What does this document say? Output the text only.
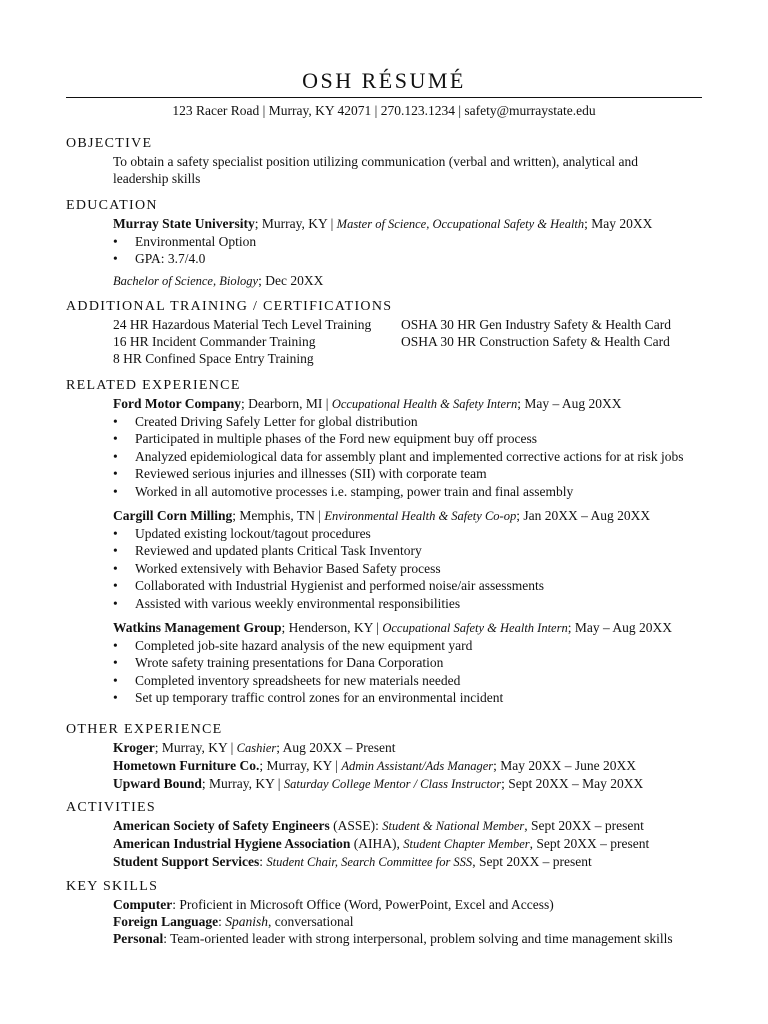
OSH RÉSUMÉ
123 Racer Road | Murray, KY 42071 | 270.123.1234 | safety@murraystate.edu
OBJECTIVE
To obtain a safety specialist position utilizing communication (verbal and written), analytical and
leadership skills
EDUCATION
Murray State University; Murray, KY | Master of Science, Occupational Safety & Health; May 20XX
• Environmental Option
• GPA: 3.7/4.0
Bachelor of Science, Biology; Dec 20XX
ADDITIONAL TRAINING / CERTIFICATIONS
24 HR Hazardous Material Tech Level Training
16 HR Incident Commander Training
8 HR Confined Space Entry Training
OSHA 30 HR Gen Industry Safety & Health Card
OSHA 30 HR Construction Safety & Health Card
RELATED EXPERIENCE
Ford Motor Company; Dearborn, MI | Occupational Health & Safety Intern; May – Aug 20XX
• Created Driving Safely Letter for global distribution
• Participated in multiple phases of the Ford new equipment buy off process
• Analyzed epidemiological data for assembly plant and implemented corrective actions for at risk jobs
• Reviewed serious injuries and illnesses (SII) with corporate team
• Worked in all automotive processes i.e. stamping, power train and final assembly
Cargill Corn Milling; Memphis, TN | Environmental Health & Safety Co-op; Jan 20XX – Aug 20XX
• Updated existing lockout/tagout procedures
• Reviewed and updated plants Critical Task Inventory
• Worked extensively with Behavior Based Safety process
• Collaborated with Industrial Hygienist and performed noise/air assessments
• Assisted with various weekly environmental responsibilities
Watkins Management Group; Henderson, KY | Occupational Safety & Health Intern; May – Aug 20XX
• Completed job-site hazard analysis of the new equipment yard
• Wrote safety training presentations for Dana Corporation
• Completed inventory spreadsheets for new materials needed
• Set up temporary traffic control zones for an environmental incident
OTHER EXPERIENCE
Kroger; Murray, KY | Cashier; Aug 20XX – Present
Hometown Furniture Co.; Murray, KY | Admin Assistant/Ads Manager; May 20XX – June 20XX
Upward Bound; Murray, KY | Saturday College Mentor / Class Instructor; Sept 20XX – May 20XX
ACTIVITIES
American Society of Safety Engineers (ASSE): Student & National Member, Sept 20XX – present
American Industrial Hygiene Association (AIHA), Student Chapter Member, Sept 20XX – present
Student Support Services: Student Chair, Search Committee for SSS, Sept 20XX – present
KEY SKILLS
Computer: Proficient in Microsoft Office (Word, PowerPoint, Excel and Access)
Foreign Language: Spanish, conversational
Personal: Team-oriented leader with strong interpersonal, problem solving and time management skills
